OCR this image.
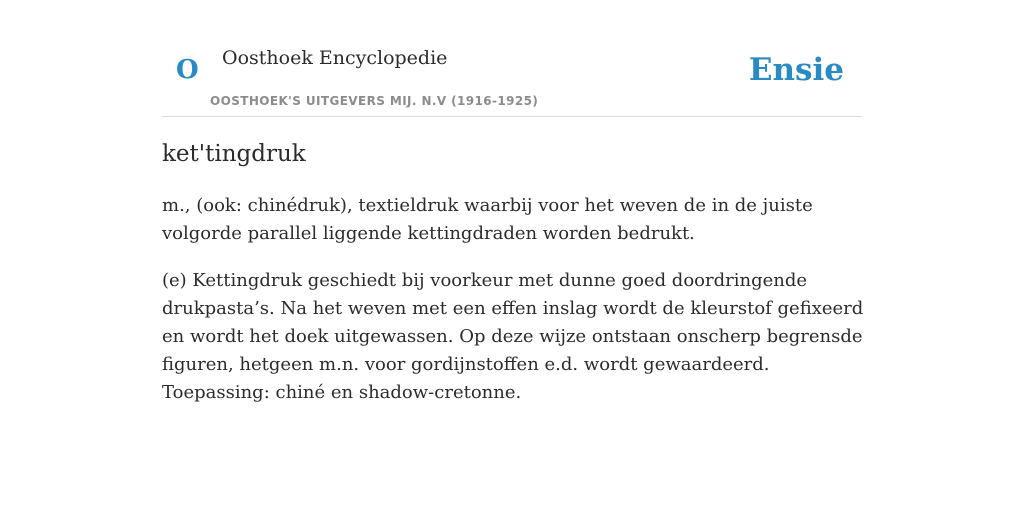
O Oosthoek Encyclopedie
OOSTHOEK'S UITGEVERS MIJ. N.V (1916-1925)
Ensie
ket'tingdruk

m., (ook: chinédruk), textieldruk waarbij voor het weven de in de juiste volgorde parallel liggende kettingdraden worden bedrukt.

(e) Kettingdruk geschiedt bij voorkeur met dunne goed doordringende drukpasta’s. Na het weven met een effen inslag wordt de kleurstof gefixeerd en wordt het doek uitgewassen. Op deze wijze ontstaan onscherp begrensde figuren, hetgeen m.n. voor gordijnstoffen e.d. wordt gewaardeerd. Toepassing: chiné en shadow-cretonne.
